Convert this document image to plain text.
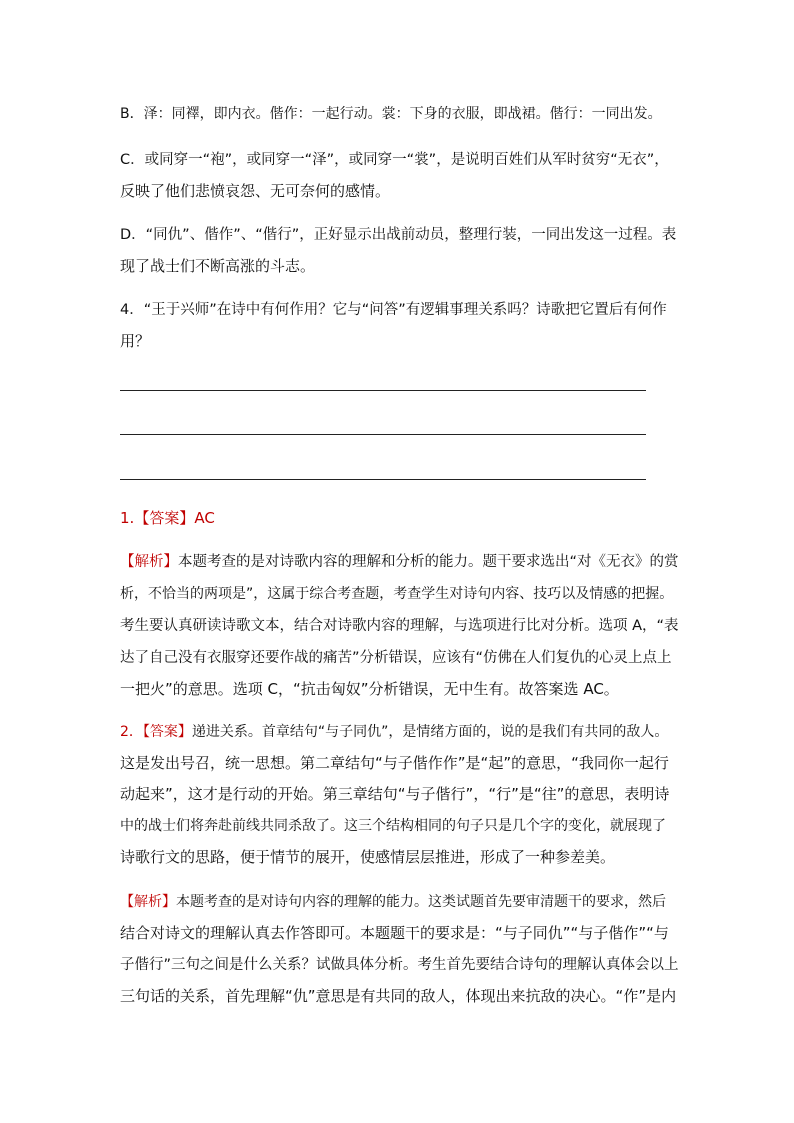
B．泽：同襗，即内衣。偕作：一起行动。裳：下身的衣服，即战裙。偕行：一同出发。

C．或同穿一“袍”，或同穿一“泽”，或同穿一“裳”，是说明百姓们从军时贫穷“无衣”，
反映了他们悲愤哀怨、无可奈何的感情。

D．“同仇”、偕作”、“偕行”，正好显示出战前动员，整理行装，一同出发这一过程。表
现了战士们不断高涨的斗志。

4．“王于兴师”在诗中有何作用？它与“问答”有逻辑事理关系吗？诗歌把它置后有何作
用？

1.【答案】AC

【解析】本题考查的是对诗歌内容的理解和分析的能力。题干要求选出“对《无衣》的赏
析，不恰当的两项是”，这属于综合考查题，考查学生对诗句内容、技巧以及情感的把握。
考生要认真研读诗歌文本，结合对诗歌内容的理解，与选项进行比对分析。选项 A，“表
达了自己没有衣服穿还要作战的痛苦”分析错误，应该有“仿佛在人们复仇的心灵上点上
一把火”的意思。选项 C，“抗击匈奴”分析错误，无中生有。故答案选 AC。

2．【答案】递进关系。首章结句“与子同仇”，是情绪方面的，说的是我们有共同的敌人。
这是发出号召，统一思想。第二章结句“与子偕作作”是“起”的意思，“我同你一起行
动起来”，这才是行动的开始。第三章结句“与子偕行”，“行”是“往”的意思，表明诗
中的战士们将奔赴前线共同杀敌了。这三个结构相同的句子只是几个字的变化，就展现了
诗歌行文的思路，便于情节的展开，使感情层层推进，形成了一种参差美。

【解析】本题考查的是对诗句内容的理解的能力。这类试题首先要审清题干的要求，然后
结合对诗文的理解认真去作答即可。本题题干的要求是：“与子同仇”“与子偕作”“与
子偕行”三句之间是什么关系？试做具体分析。考生首先要结合诗句的理解认真体会以上
三句话的关系，首先理解“仇”意思是有共同的敌人，体现出来抗敌的决心。“作”是内
